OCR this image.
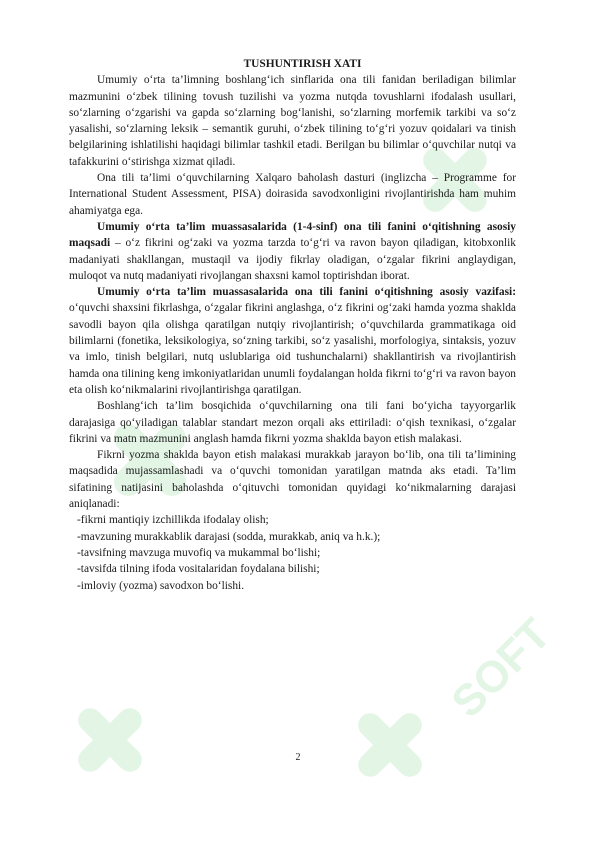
SOFT
TUSHUNTIRISH XATI

Umumiy o‘rta ta’limning boshlang‘ich sinflarida ona tili fanidan beriladigan bilimlar mazmunini o‘zbek tilining tovush tuzilishi va yozma nutqda tovushlarni ifodalash usullari, so‘zlarning o‘zgarishi va gapda so‘zlarning bog‘lanishi, so‘zlarning morfemik tarkibi va so‘z yasalishi, so‘zlarning leksik – semantik guruhi, o‘zbek tilining to‘g‘ri yozuv qoidalari va tinish belgilarining ishlatilishi haqidagi bilimlar tashkil etadi. Berilgan bu bilimlar o‘quvchilar nutqi va tafakkurini o‘stirishga xizmat qiladi.

Ona tili ta’limi o‘quvchilarning Xalqaro baholash dasturi (inglizcha – Programme for International Student Assessment, PISA) doirasida savodxonligini rivojlantirishda ham muhim ahamiyatga ega.

Umumiy o‘rta ta’lim muassasalarida (1-4-sinf) ona tili fanini o‘qitishning asosiy maqsadi – o‘z fikrini og‘zaki va yozma tarzda to‘g‘ri va ravon bayon qiladigan, kitobxonlik madaniyati shakllangan, mustaqil va ijodiy fikrlay oladigan, o‘zgalar fikrini anglaydigan, muloqot va nutq madaniyati rivojlangan shaxsni kamol toptirishdan iborat.

Umumiy o‘rta ta’lim muassasalarida ona tili fanini o‘qitishning asosiy vazifasi: o‘quvchi shaxsini fikrlashga, o‘zgalar fikrini anglashga, o‘z fikrini og‘zaki hamda yozma shaklda savodli bayon qila olishga qaratilgan nutqiy rivojlantirish; o‘quvchilarda grammatikaga oid bilimlarni (fonetika, leksikologiya, so‘zning tarkibi, so‘z yasalishi, morfologiya, sintaksis, yozuv va imlo, tinish belgilari, nutq uslublariga oid tushunchalarni) shakllantirish va rivojlantirish hamda ona tilining keng imkoniyatlaridan unumli foydalangan holda fikrni to‘g‘ri va ravon bayon eta olish ko‘nikmalarini rivojlantirishga qaratilgan.

Boshlang‘ich ta’lim bosqichida o‘quvchilarning ona tili fani bo‘yicha tayyorgarlik darajasiga qo‘yiladigan talablar standart mezon orqali aks ettiriladi: o‘qish texnikasi, o‘zgalar fikrini va matn mazmunini anglash hamda fikrni yozma shaklda bayon etish malakasi.

Fikrni yozma shaklda bayon etish malakasi murakkab jarayon bo‘lib, ona tili ta’limining maqsadida mujassamlashadi va o‘quvchi tomonidan yaratilgan matnda aks etadi. Ta’lim sifatining natijasini baholashda o‘qituvchi tomonidan quyidagi ko‘nikmalarning darajasi aniqlanadi:

-fikrni mantiqiy izchillikda ifodalay olish;
-mavzuning murakkablik darajasi (sodda, murakkab, aniq va h.k.);
-tavsifning mavzuga muvofiq va mukammal bo‘lishi;
-tavsifda tilning ifoda vositalaridan foydalana bilishi;
-imloviy (yozma) savodxon bo‘lishi.
2
